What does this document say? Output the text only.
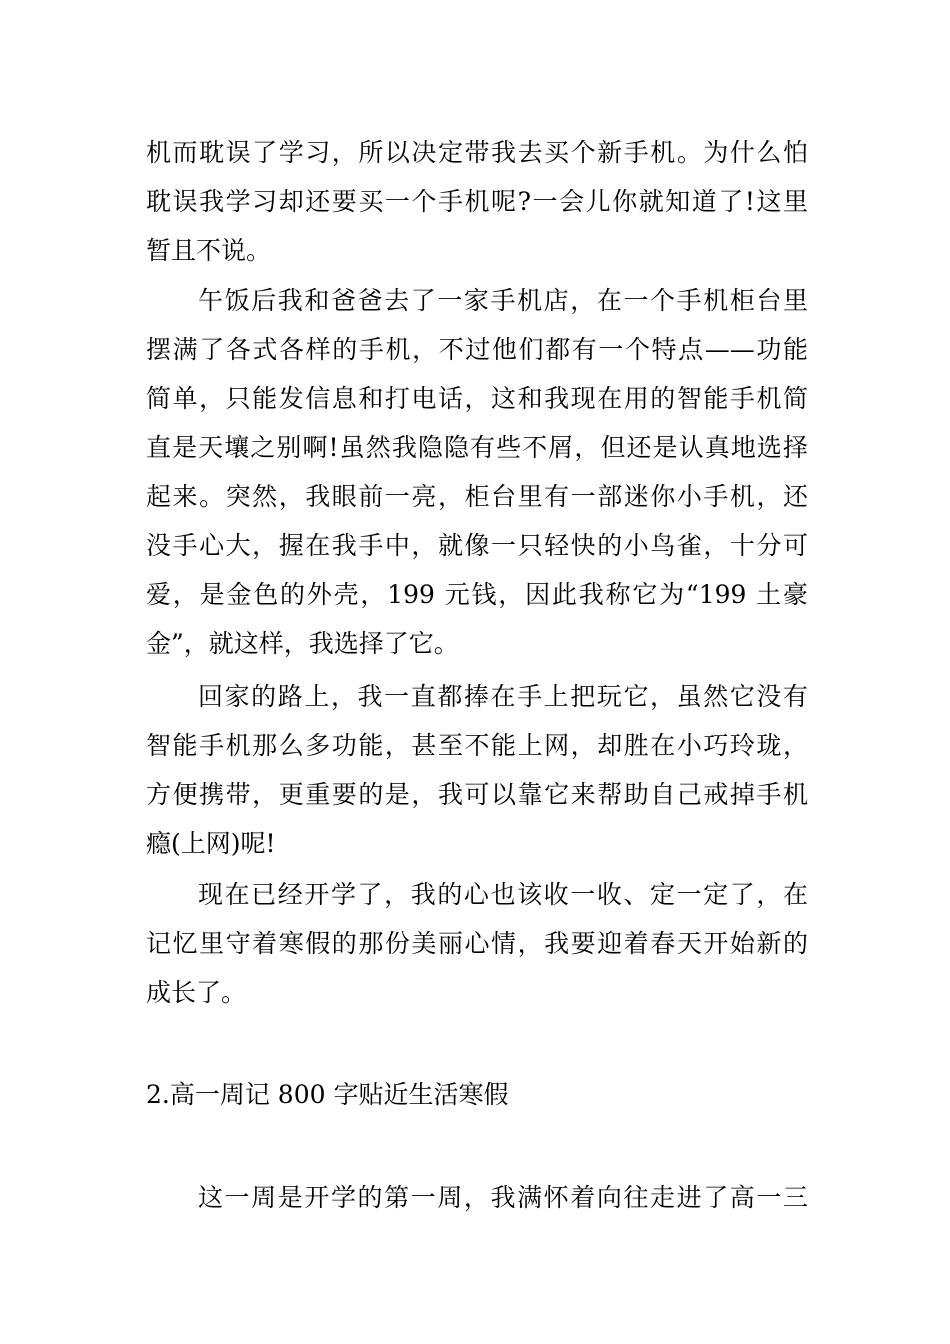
机而耽误了学习，所以决定带我去买个新手机。为什么怕
耽误我学习却还要买一个手机呢?一会儿你就知道了!这里
暂且不说。
午饭后我和爸爸去了一家手机店，在一个手机柜台里
摆满了各式各样的手机，不过他们都有一个特点——功能
简单，只能发信息和打电话，这和我现在用的智能手机简
直是天壤之别啊!虽然我隐隐有些不屑，但还是认真地选择
起来。突然，我眼前一亮，柜台里有一部迷你小手机，还
没手心大，握在我手中，就像一只轻快的小鸟雀，十分可
爱，是金色的外壳，199 元钱，因此我称它为“199 土豪
金”，就这样，我选择了它。
回家的路上，我一直都捧在手上把玩它，虽然它没有
智能手机那么多功能，甚至不能上网，却胜在小巧玲珑，
方便携带，更重要的是，我可以靠它来帮助自己戒掉手机
瘾(上网)呢!
现在已经开学了，我的心也该收一收、定一定了，在
记忆里守着寒假的那份美丽心情，我要迎着春天开始新的
成长了。
2.高一周记 800 字贴近生活寒假
这一周是开学的第一周，我满怀着向往走进了高一三
